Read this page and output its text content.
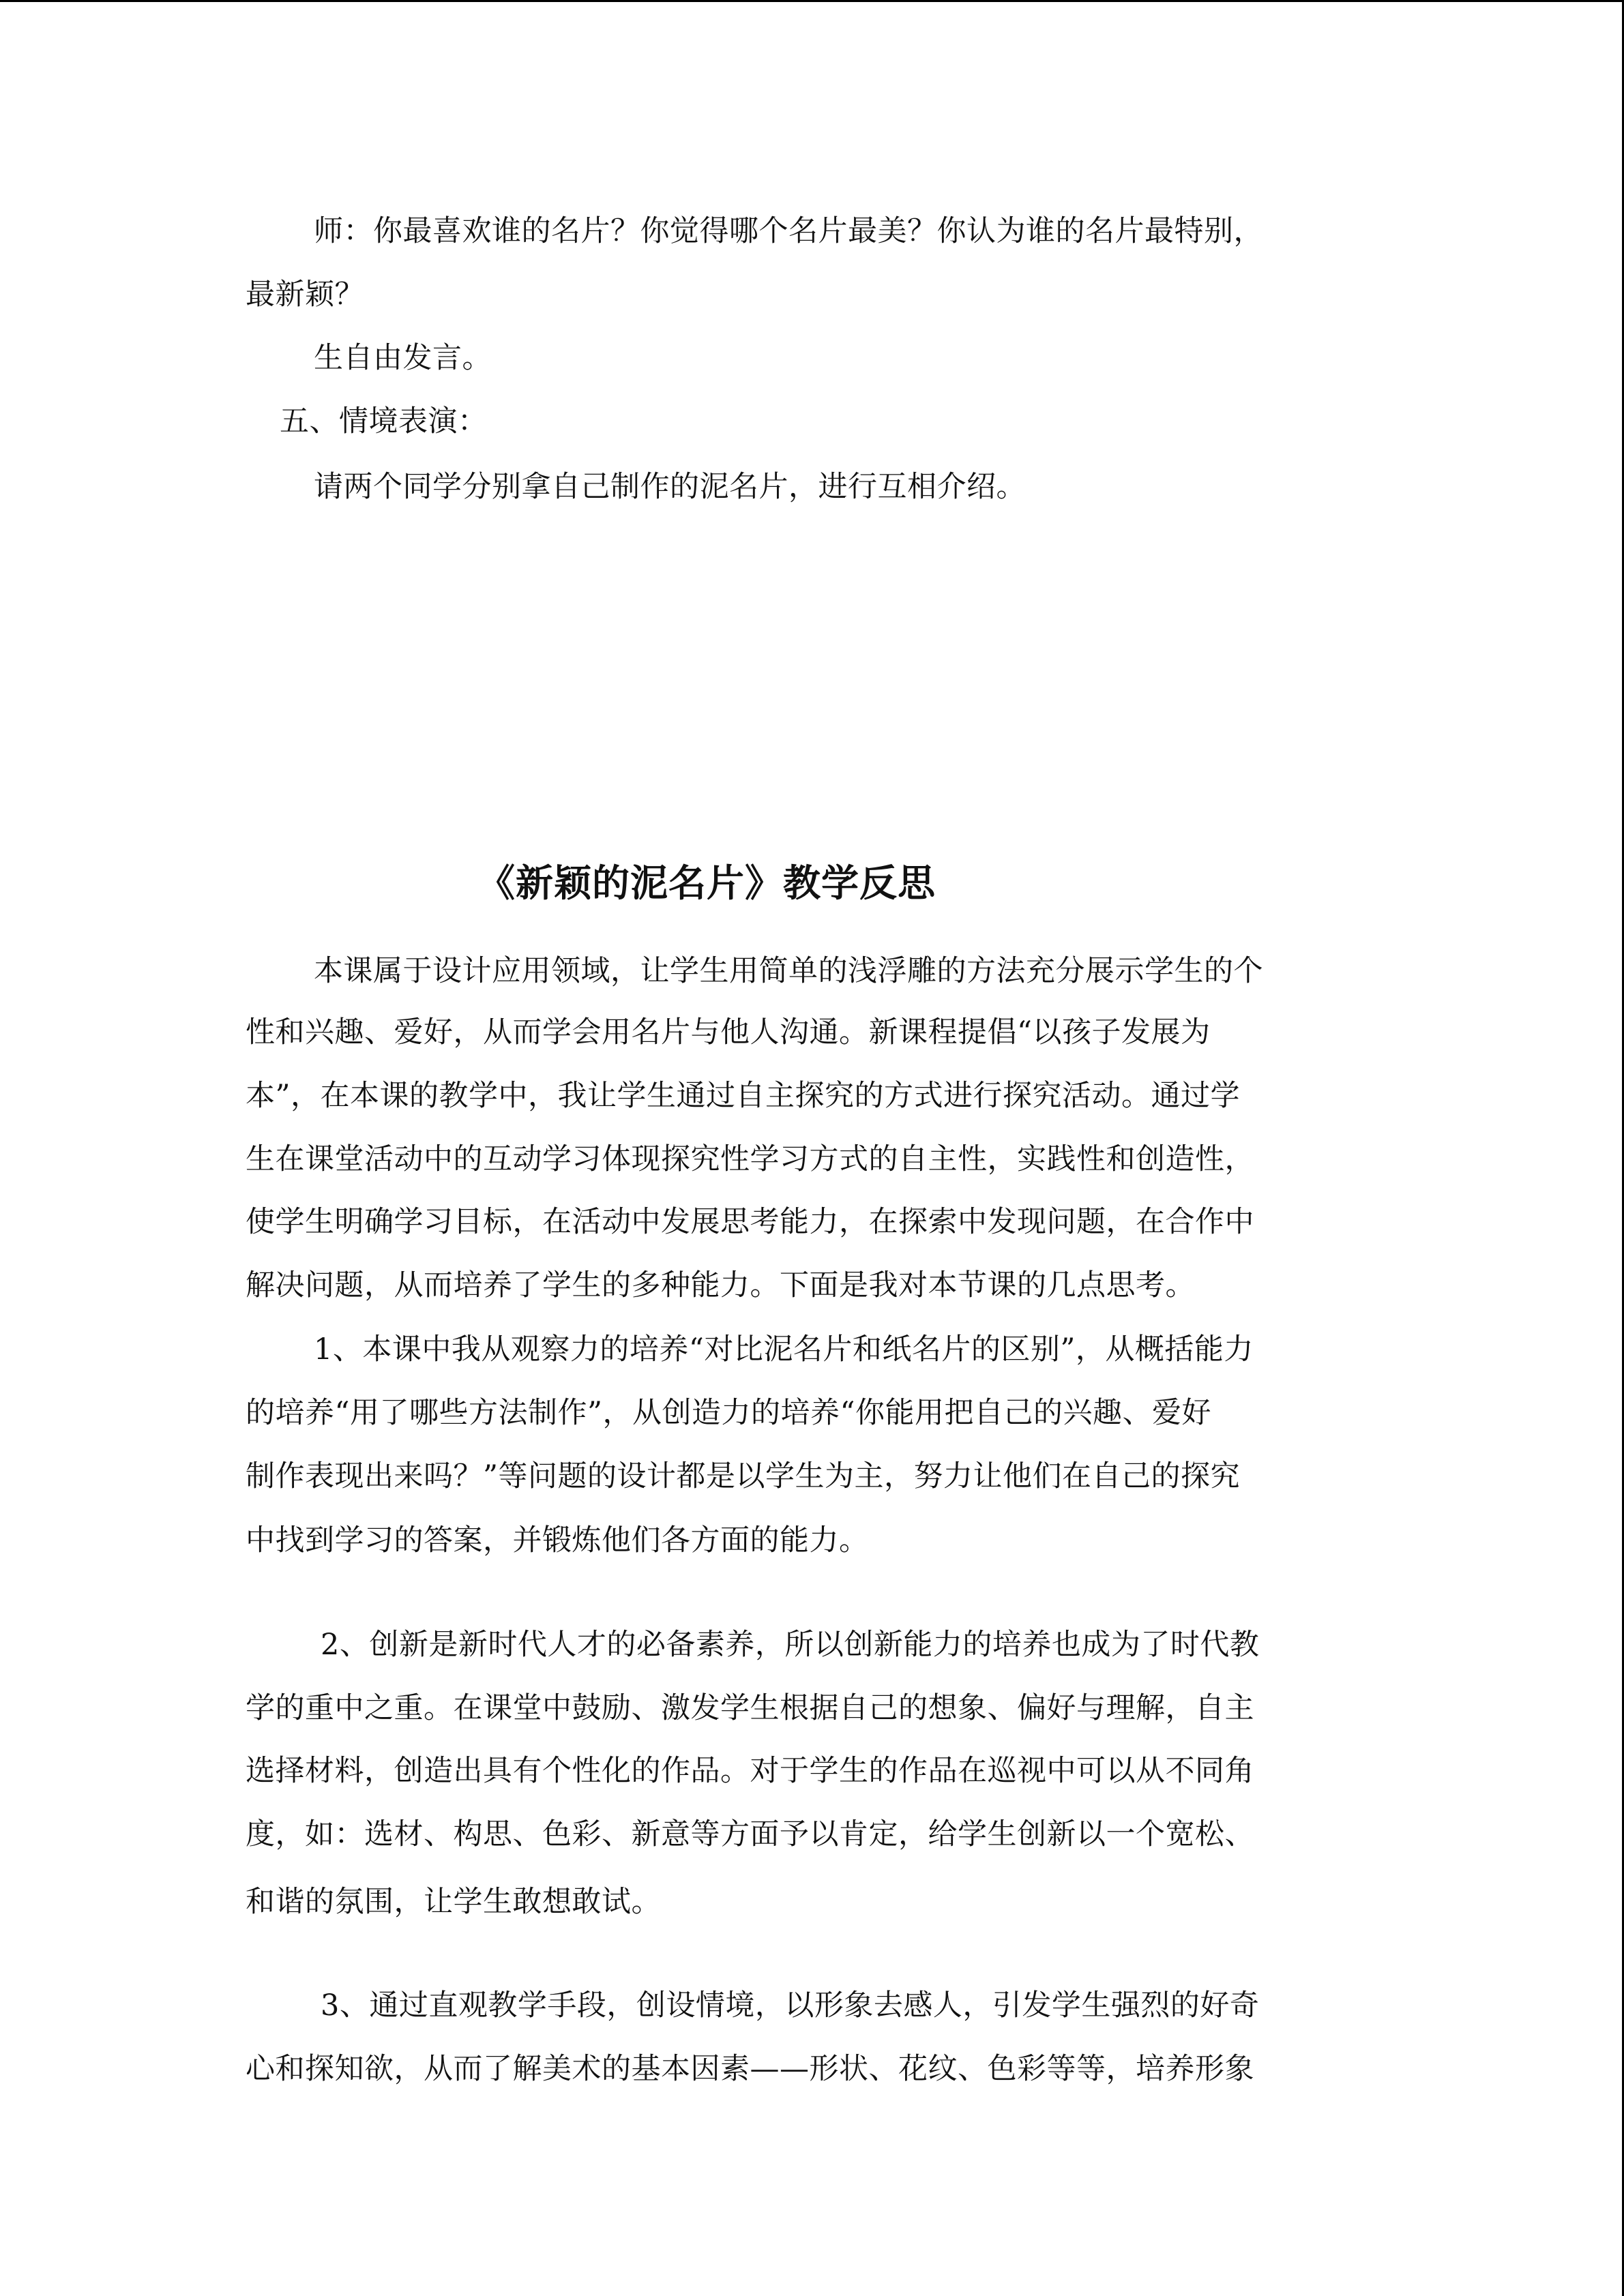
师：你最喜欢谁的名片？你觉得哪个名片最美？你认为谁的名片最特别，
最新颖？
生自由发言。
五、情境表演：
请两个同学分别拿自己制作的泥名片，进行互相介绍。
《新颖的泥名片》教学反思
本课属于设计应用领域，让学生用简单的浅浮雕的方法充分展示学生的个
性和兴趣、爱好，从而学会用名片与他人沟通。新课程提倡“以孩子发展为
本”，在本课的教学中，我让学生通过自主探究的方式进行探究活动。通过学
生在课堂活动中的互动学习体现探究性学习方式的自主性，实践性和创造性，
使学生明确学习目标，在活动中发展思考能力，在探索中发现问题，在合作中
解决问题，从而培养了学生的多种能力。下面是我对本节课的几点思考。
1、本课中我从观察力的培养“对比泥名片和纸名片的区别”，从概括能力
的培养“用了哪些方法制作”，从创造力的培养“你能用把自己的兴趣、爱好
制作表现出来吗？”等问题的设计都是以学生为主，努力让他们在自己的探究
中找到学习的答案，并锻炼他们各方面的能力。
2、创新是新时代人才的必备素养，所以创新能力的培养也成为了时代教
学的重中之重。在课堂中鼓励、激发学生根据自己的想象、偏好与理解，自主
选择材料，创造出具有个性化的作品。对于学生的作品在巡视中可以从不同角
度，如：选材、构思、色彩、新意等方面予以肯定，给学生创新以一个宽松、
和谐的氛围，让学生敢想敢试。
3、通过直观教学手段，创设情境，以形象去感人，引发学生强烈的好奇
心和探知欲，从而了解美术的基本因素——形状、花纹、色彩等等，培养形象
